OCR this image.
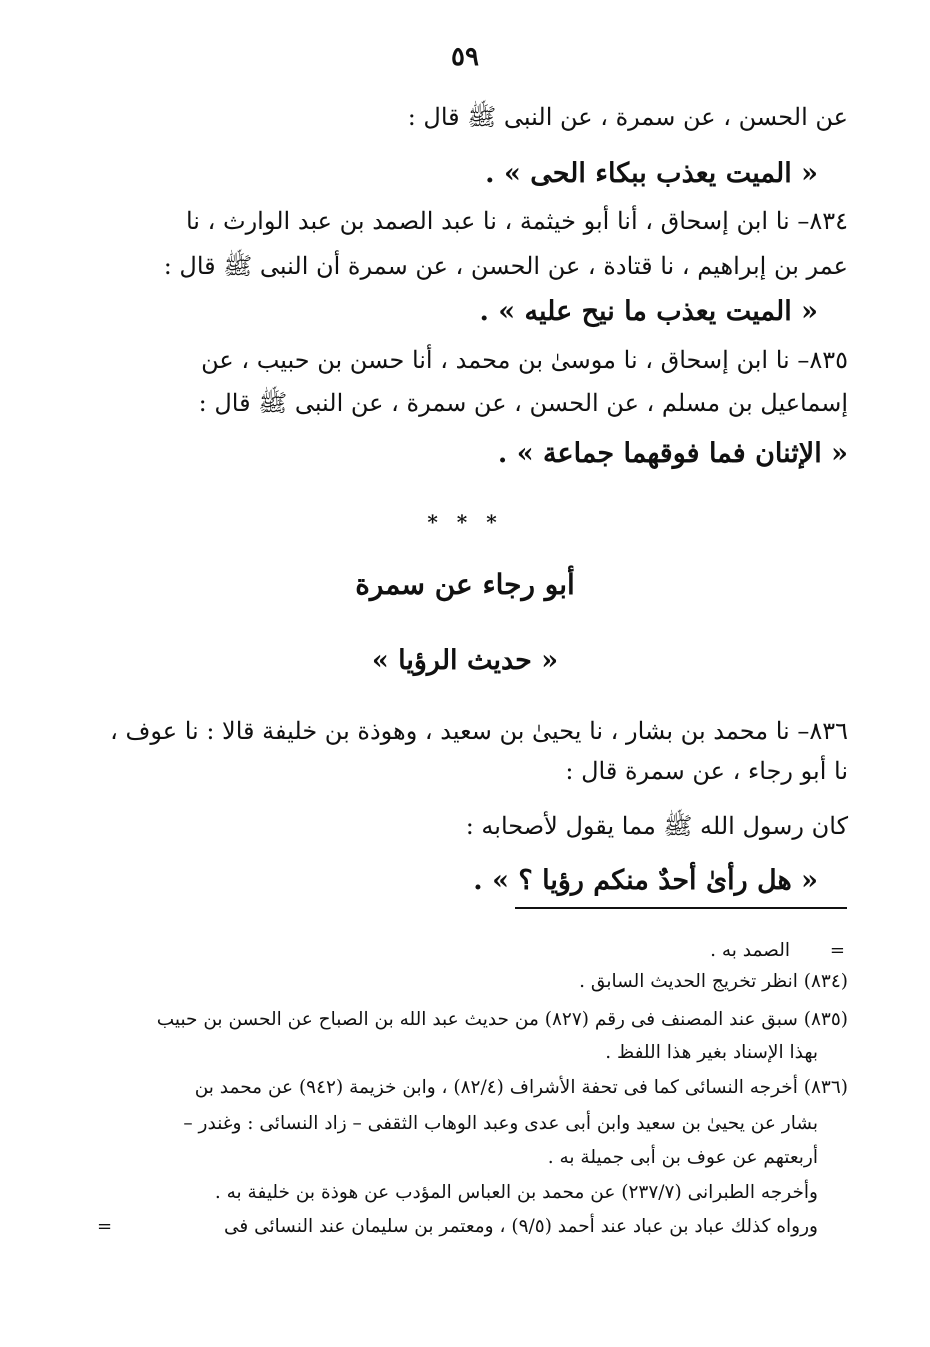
٥٩
عن الحسن ، عن سمرة ، عن النبى ﷺ قال :
« الميت يعذب ببكاء الحى » .
٨٣٤– نا ابن إسحاق ، أنا أبو خيثمة ، نا عبد الصمد بن عبد الوارث ، نا
عمر بن إبراهيم ، نا قتادة ، عن الحسن ، عن سمرة أن النبى ﷺ قال :
« الميت يعذب ما نيح عليه » .
٨٣٥– نا ابن إسحاق ، نا موسىٰ بن محمد ، أنا حسن بن حبيب ، عن
إسماعيل بن مسلم ، عن الحسن ، عن سمرة ، عن النبى ﷺ قال :
« الإثنان فما فوقهما جماعة » .
* * *
أبو رجاء عن سمرة
« حديث الرؤيا »
٨٣٦– نا محمد بن بشار ، نا يحيىٰ بن سعيد ، وهوذة بن خليفة قالا : نا عوف ،
نا أبو رجاء ، عن سمرة قال :
كان رسول الله ﷺ مما يقول لأصحابه :
« هل رأىٰ أحدٌ منكم رؤيا ؟ » .
=
الصمد به .
(٨٣٤) انظر تخريج الحديث السابق .
(٨٣٥) سبق عند المصنف فى رقم (٨٢٧) من حديث عبد الله بن الصباح عن الحسن بن حبيب
بهذا الإسناد بغير هذا اللفظ .
(٨٣٦) أخرجه النسائى كما فى تحفة الأشراف (٨٢/٤) ، وابن خزيمة (٩٤٢) عن محمد بن
بشار عن يحيىٰ بن سعيد وابن أبى عدى وعبد الوهاب الثقفى – زاد النسائى : وغندر –
أربعتهم عن عوف بن أبى جميلة به .
وأخرجه الطبرانى (٢٣٧/٧) عن محمد بن العباس المؤدب عن هوذة بن خليفة به .
ورواه كذلك عباد بن عباد عند أحمد (٩/٥) ، ومعتمر بن سليمان عند النسائى فى
=
